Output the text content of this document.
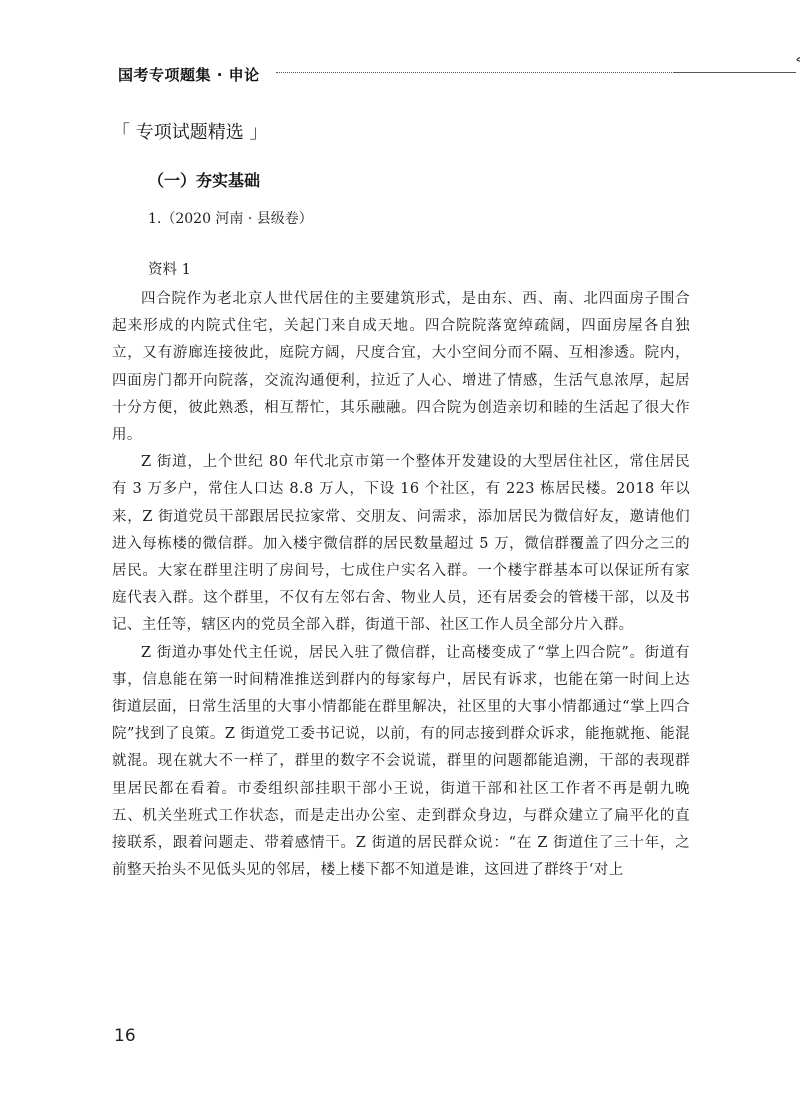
国考专项题集 · 申论
「 专项试题精选 」
（一）夯实基础
1.（2020 河南 · 县级卷）
资料 1

四合院作为老北京人世代居住的主要建筑形式，是由东、西、南、北四面房子围合起来形成的内院式住宅，关起门来自成天地。四合院院落宽绰疏阔，四面房屋各自独立，又有游廊连接彼此，庭院方阔，尺度合宜，大小空间分而不隔、互相渗透。院内，四面房门都开向院落，交流沟通便利，拉近了人心、增进了情感，生活气息浓厚，起居十分方便，彼此熟悉，相互帮忙，其乐融融。四合院为创造亲切和睦的生活起了很大作用。

Z 街道，上个世纪 80 年代北京市第一个整体开发建设的大型居住社区，常住居民有 3 万多户，常住人口达 8.8 万人，下设 16 个社区，有 223 栋居民楼。2018 年以来，Z 街道党员干部跟居民拉家常、交朋友、问需求，添加居民为微信好友，邀请他们进入每栋楼的微信群。加入楼宇微信群的居民数量超过 5 万，微信群覆盖了四分之三的居民。大家在群里注明了房间号，七成住户实名入群。一个楼宇群基本可以保证所有家庭代表入群。这个群里，不仅有左邻右舍、物业人员，还有居委会的管楼干部，以及书记、主任等，辖区内的党员全部入群，街道干部、社区工作人员全部分片入群。

Z 街道办事处代主任说，居民入驻了微信群，让高楼变成了“掌上四合院”。街道有事，信息能在第一时间精准推送到群内的每家每户，居民有诉求，也能在第一时间上达街道层面，日常生活里的大事小情都能在群里解决，社区里的大事小情都通过“掌上四合院”找到了良策。Z 街道党工委书记说，以前，有的同志接到群众诉求，能拖就拖、能混就混。现在就大不一样了，群里的数字不会说谎，群里的问题都能追溯，干部的表现群里居民都在看着。市委组织部挂职干部小王说，街道干部和社区工作者不再是朝九晚五、机关坐班式工作状态，而是走出办公室、走到群众身边，与群众建立了扁平化的直接联系，跟着问题走、带着感情干。Z 街道的居民群众说：“在 Z 街道住了三十年，之前整天抬头不见低头见的邻居，楼上楼下都不知道是谁，这回进了群终于‘对上

16
